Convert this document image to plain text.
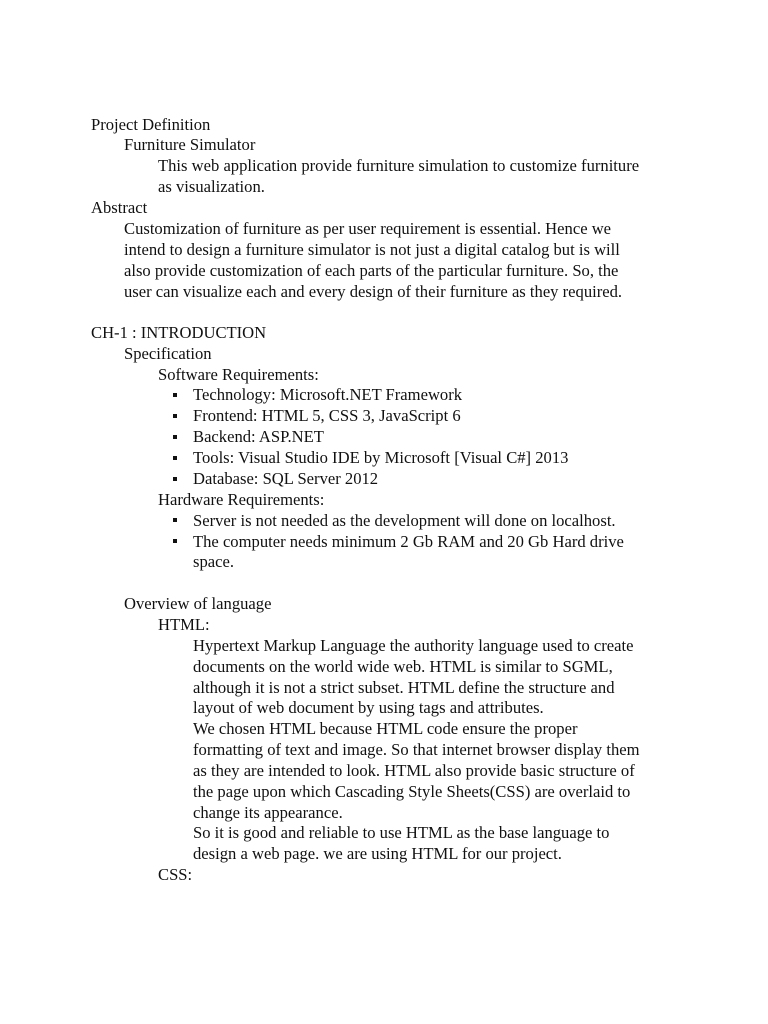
Project Definition
Furniture Simulator
This web application provide furniture simulation to customize furniture
as visualization.
Abstract
Customization of furniture as per user requirement is essential. Hence we
intend to design a furniture simulator is not just a digital catalog but is will
also provide customization of each parts of the particular furniture. So, the
user can visualize each and every design of their furniture as they required.
CH-1 : INTRODUCTION
Specification
Software Requirements:
Technology: Microsoft.NET Framework
Frontend: HTML 5, CSS 3, JavaScript 6
Backend: ASP.NET
Tools: Visual Studio IDE by Microsoft [Visual C#] 2013
Database: SQL Server 2012
Hardware Requirements:
Server is not needed as the development will done on localhost.
The computer needs minimum 2 Gb RAM and 20 Gb Hard drive
space.
Overview of language
HTML:
Hypertext Markup Language the authority language used to create
documents on the world wide web. HTML is similar to SGML,
although it is not a strict subset. HTML define the structure and
layout of web document by using tags and attributes.
We chosen HTML because HTML code ensure the proper
formatting of text and image. So that internet browser display them
as they are intended to look. HTML also provide basic structure of
the page upon which Cascading Style Sheets(CSS) are overlaid to
change its appearance.
So it is good and reliable to use HTML as the base language to
design a web page. we are using HTML for our project.
CSS:
